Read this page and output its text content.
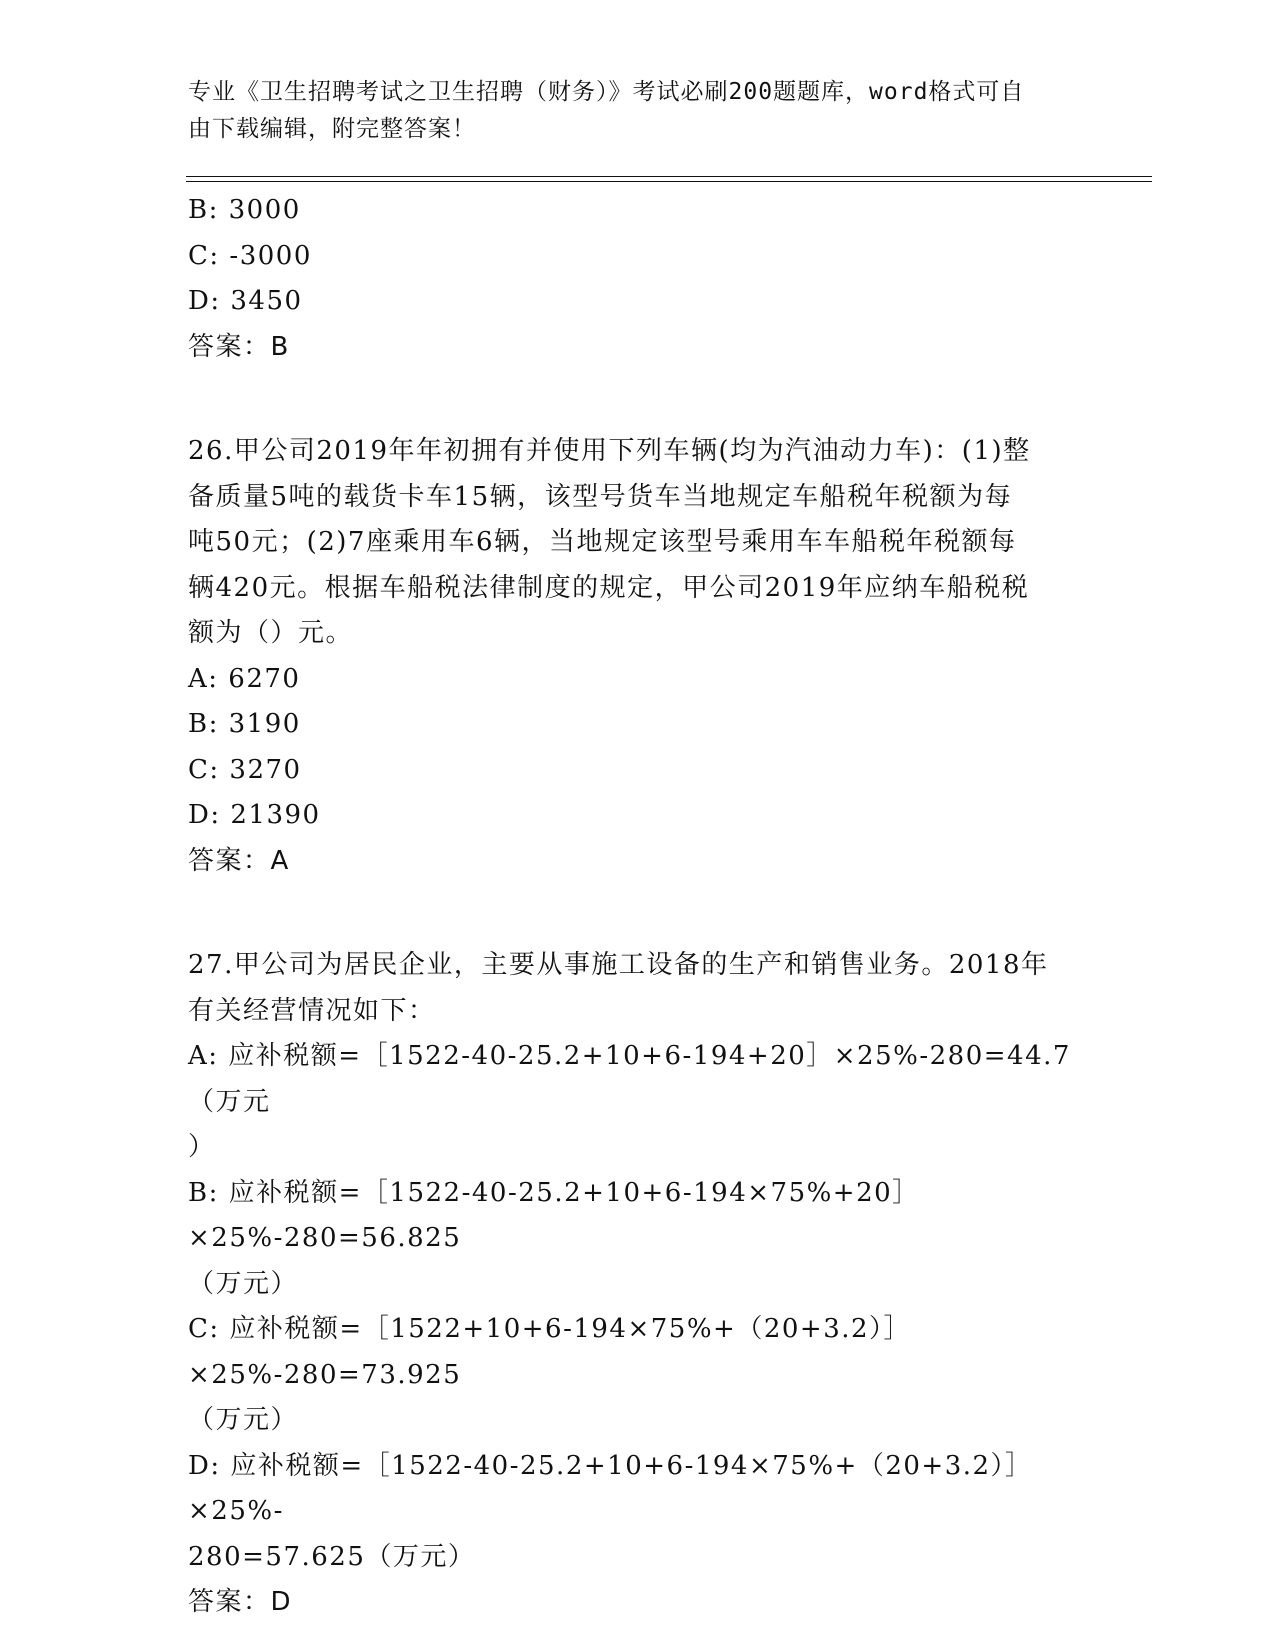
专业《卫生招聘考试之卫生招聘（财务）》考试必刷200题题库，word格式可自
由下载编辑，附完整答案！
B: 3000
C: -3000
D: 3450
答案：B
26.甲公司2019年年初拥有并使用下列车辆(均为汽油动力车)：(1)整
备质量5吨的载货卡车15辆，该型号货车当地规定车船税年税额为每
吨50元；(2)7座乘用车6辆，当地规定该型号乘用车车船税年税额每
辆420元。根据车船税法律制度的规定，甲公司2019年应纳车船税税
额为（）元。
A: 6270
B: 3190
C: 3270
D: 21390
答案：A
27.甲公司为居民企业，主要从事施工设备的生产和销售业务。2018年
有关经营情况如下：
A: 应补税额=［1522-40-25.2+10+6-194+20］×25%-280=44.7（万元
）
B: 应补税额=［1522-40-25.2+10+6-194×75%+20］×25%-280=56.825
（万元）
C: 应补税额=［1522+10+6-194×75%+（20+3.2）］×25%-280=73.925
（万元）
D: 应补税额=［1522-40-25.2+10+6-194×75%+（20+3.2）］×25%-
280=57.625（万元）
答案：D
